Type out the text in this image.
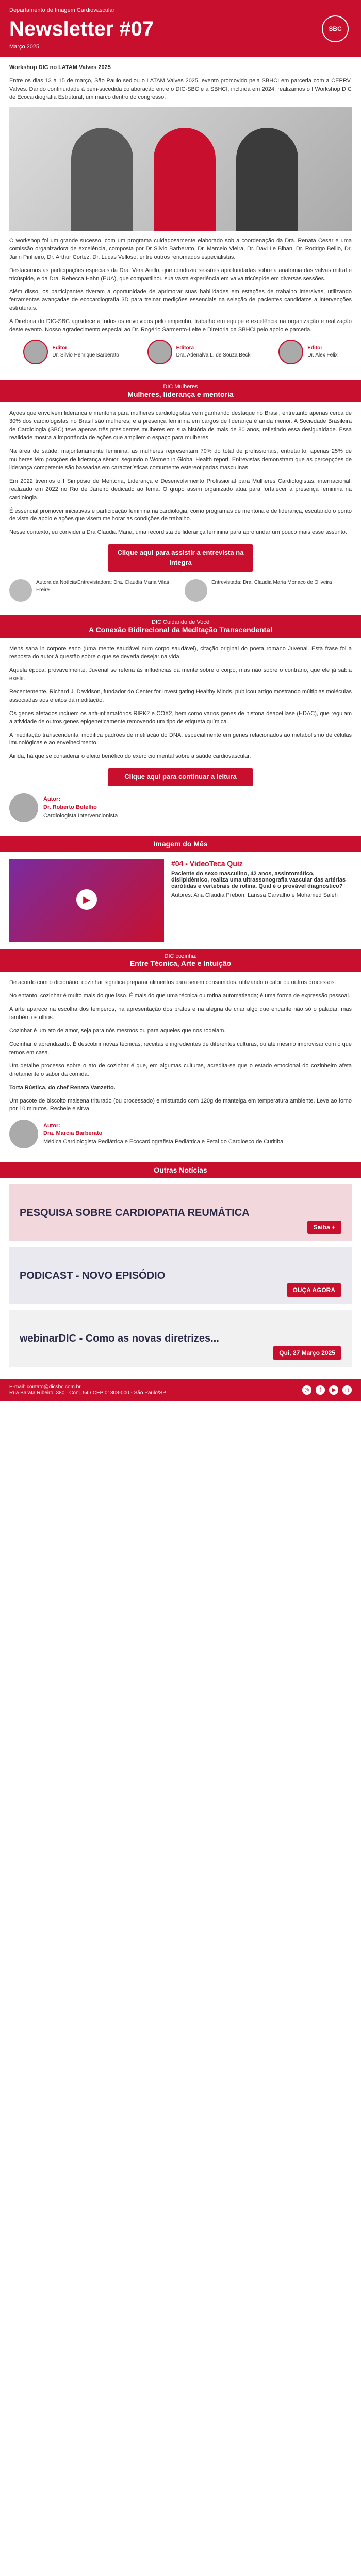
Departamento de Imagem Cardiovascular
Newsletter #07
Março 2025
SBC
Workshop DIC no LATAM Valves 2025

Entre os dias 13 a 15 de março, São Paulo sediou o LATAM Valves 2025, evento promovido pela SBHCI em parceria com a CEPRV. Valves. Dando continuidade à bem-sucedida colaboração entre o DIC-SBC e a SBHCI, incluída em 2024, realizamos o I Workshop DIC de Ecocardiografia Estrutural, um marco dentro do congresso.

O workshop foi um grande sucesso, com um programa cuidadosamente elaborado sob a coordenação da Dra. Renata Cesar e uma comissão organizadora de excelência, composta por Dr Silvio Barberato, Dr. Marcelo Vieira, Dr. Davi Le Bihan, Dr. Rodrigo Bellio, Dr. Jann Pinheiro, Dr. Arthur Cortez, Dr. Lucas Velloso, entre outros renomados especialistas.

Destacamos as participações especiais da Dra. Vera Aiello, que conduziu sessões aprofundadas sobre a anatomia das valvas mitral e tricúspide, e da Dra. Rebecca Hahn (EUA), que compartilhou sua vasta experiência em valva tricúspide em diversas sessões.

Além disso, os participantes tiveram a oportunidade de aprimorar suas habilidades em estações de trabalho imersivas, utilizando ferramentas avançadas de ecocardiografia 3D para treinar medições essenciais na seleção de pacientes candidatos a intervenções estruturais.

A Diretoria do DIC-SBC agradece a todos os envolvidos pelo empenho, trabalho em equipe e excelência na organização e realização deste evento. Nosso agradecimento especial ao Dr. Rogério Sarmento-Leite e Diretoria da SBHCI pelo apoio e parceria.

Editor
Dr. Silvio Henrique Barberato
Editora
Dra. Adenalva L. de Souza Beck
Editor
Dr. Alex Felix
DIC Mulheres
Mulheres, liderança e mentoria

Ações que envolvem liderança e mentoria para mulheres cardiologistas vem ganhando destaque no Brasil, entretanto apenas cerca de 30% dos cardiologistas no Brasil são mulheres, e a presença feminina em cargos de liderança é ainda menor. A Sociedade Brasileira de Cardiologia (SBC) teve apenas três presidentes mulheres em sua história de mais de 80 anos, refletindo essa desigualdade. Essa realidade mostra a importância de ações que ampliem o espaço para mulheres.

Na área de saúde, majoritariamente feminina, as mulheres representam 70% do total de profissionais, entretanto, apenas 25% de mulheres têm posições de liderança sênior, segundo o Women in Global Health report. Entrevistas demonstram que as percepções de liderança competente são baseadas em características comumente estereotipadas masculinas.

Em 2022 tivemos o I Simpósio de Mentoria, Liderança e Desenvolvimento Profissional para Mulheres Cardiologistas, internacional, realizado em 2022 no Rio de Janeiro dedicado ao tema. O grupo assim organizado atua para fortalecer a presença feminina na cardiologia.

É essencial promover iniciativas e participação feminina na cardiologia, como programas de mentoria e de liderança, escutando o ponto de vista de apoio e ações que visem melhorar as condições de trabalho.

Nesse contexto, eu convidei a Dra Claudia Maria, uma recordista de liderança feminina para aprofundar um pouco mais esse assunto.

Clique aqui para assistir a entrevista na íntegra
Autora da Notícia/Entrevistadora: Dra. Claudia Maria Vilas Freire
Entrevistada: Dra. Claudia Maria Monaco de Oliveira
DIC Cuidando de Você
A Conexão Bidirecional da Meditação Transcendental

Mens sana in corpore sano (uma mente saudável num corpo saudável), citação original do poeta romano Juvenal. Esta frase foi a resposta do autor à questão sobre o que se deveria desejar na vida.

Aquela época, provavelmente, Juvenal se referia às influências da mente sobre o corpo, mas não sobre o contrário, que ele já sabia existir.

Recentemente, Richard J. Davidson, fundador do Center for Investigating Healthy Minds, publicou artigo mostrando múltiplas moléculas associadas aos efeitos da meditação.

Os genes afetados incluem os anti-inflamatórios RIPK2 e COX2, bem como vários genes de histona deacetilase (HDAC), que regulam a atividade de outros genes epigeneticamente removendo um tipo de etiqueta química.

A meditação transcendental modifica padrões de metilação do DNA, especialmente em genes relacionados ao metabolismo de células imunológicas e ao envelhecimento.

Ainda, há que se considerar o efeito benéfico do exercício mental sobre a saúde cardiovascular.

Clique aqui para continuar a leitura
Autor:
Dr. Roberto Botelho
Cardiologista Intervencionista
Imagem do Mês
▶
#04 - VideoTeca Quiz
Paciente do sexo masculino, 42 anos, assintomático, dislipidêmico, realiza uma ultrassonografia vascular das artérias carótidas e vertebrais de rotina. Qual é o provável diagnóstico?
Autores: Ana Claudia Prebon, Larissa Carvalho e Mohamed Saleh
DIC cozinha:
Entre Técnica, Arte e Intuição

De acordo com o dicionário, cozinhar significa preparar alimentos para serem consumidos, utilizando o calor ou outros processos.

No entanto, cozinhar é muito mais do que isso. É mais do que uma técnica ou rotina automatizada; é uma forma de expressão pessoal.

A arte aparece na escolha dos temperos, na apresentação dos pratos e na alegria de criar algo que encante não só o paladar, mas também os olhos.

Cozinhar é um ato de amor, seja para nós mesmos ou para aqueles que nos rodeiam.

Cozinhar é aprendizado. É descobrir novas técnicas, receitas e ingredientes de diferentes culturas, ou até mesmo improvisar com o que temos em casa.

Um detalhe processo sobre o ato de cozinhar é que, em algumas culturas, acredita-se que o estado emocional do cozinheiro afeta diretamente o sabor da comida.

Torta Rústica, do chef Renata Vanzetto.

Um pacote de biscoito maisena triturado (ou processado) e misturado com 120g de manteiga em temperatura ambiente. Leve ao forno por 10 minutos. Recheie e sirva.

Autor:
Dra. Marcia Barberato
Médica Cardiologista Pediátrica e Ecocardiografista Pediátrica e Fetal do Cardioeco de Curitiba
Outras Notícias
PESQUISA SOBRE CARDIOPATIA REUMÁTICA
Saiba +
PODICAST - NOVO EPISÓDIO
OUÇA AGORA
webinarDIC - Como as novas diretrizes...
Qui, 27 Março 2025
E-mail: contato@dicsbc.com.br
Rua Barata Ribeiro, 380 · Conj. 54 / CEP 01308-000 - São Paulo/SP	◎	f	▶	in
